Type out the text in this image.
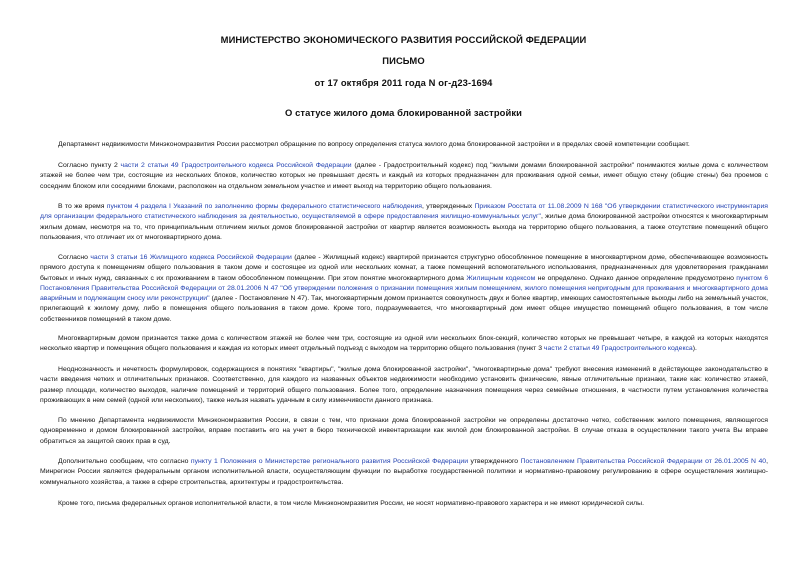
МИНИСТЕРСТВО ЭКОНОМИЧЕСКОГО РАЗВИТИЯ РОССИЙСКОЙ ФЕДЕРАЦИИ
ПИСЬМО
от 17 октября 2011 года N ог-д23-1694
О статусе жилого дома блокированной застройки

Департамент недвижимости Минэкономразвития России рассмотрел обращение по вопросу определения статуса жилого дома блокированной застройки и в пределах своей компетенции сообщает.

Согласно пункту 2 части 2 статьи 49 Градостроительного кодекса Российской Федерации (далее - Градостроительный кодекс) под "жилыми домами блокированной застройки" понимаются жилые дома с количеством этажей не более чем три, состоящие из нескольких блоков, количество которых не превышает десять и каждый из которых предназначен для проживания одной семьи, имеет общую стену (общие стены) без проемов с соседним блоком или соседними блоками, расположен на отдельном земельном участке и имеет выход на территорию общего пользования.

В то же время пунктом 4 раздела I Указаний по заполнению формы федерального статистического наблюдения, утвержденных Приказом Росстата от 11.08.2009 N 168 "Об утверждении статистического инструментария для организации федерального статистического наблюдения за деятельностью, осуществляемой в сфере предоставления жилищно-коммунальных услуг", жилые дома блокированной застройки относятся к многоквартирным жилым домам, несмотря на то, что принципиальным отличием жилых домов блокированной застройки от квартир является возможность выхода на территорию общего пользования, а также отсутствие помещений общего пользования, что отличает их от многоквартирного дома.

Согласно части 3 статьи 16 Жилищного кодекса Российской Федерации (далее - Жилищный кодекс) квартирой признается структурно обособленное помещение в многоквартирном доме, обеспечивающее возможность прямого доступа к помещениям общего пользования в таком доме и состоящее из одной или нескольких комнат, а также помещений вспомогательного использования, предназначенных для удовлетворения гражданами бытовых и иных нужд, связанных с их проживанием в таком обособленном помещении. При этом понятие многоквартирного дома Жилищным кодексом не определено. Однако данное определение предусмотрено пунктом 6 Постановления Правительства Российской Федерации от 28.01.2006 N 47 "Об утверждении положения о признании помещения жилым помещением, жилого помещения непригодным для проживания и многоквартирного дома аварийным и подлежащим сносу или реконструкции" (далее - Постановление N 47). Так, многоквартирным домом признается совокупность двух и более квартир, имеющих самостоятельные выходы либо на земельный участок, прилегающий к жилому дому, либо в помещения общего пользования в таком доме. Кроме того, подразумевается, что многоквартирный дом имеет общее имущество помещений общего пользования, в том числе собственников помещений в таком доме.

Многоквартирным домом признается также дома с количеством этажей не более чем три, состоящие из одной или нескольких блок-секций, количество которых не превышает четыре, в каждой из которых находятся несколько квартир и помещения общего пользования и каждая из которых имеет отдельный подъезд с выходом на территорию общего пользования (пункт 3 части 2 статьи 49 Градостроительного кодекса).

Неоднозначность и нечеткость формулировок, содержащихся в понятиях "квартиры", "жилые дома блокированной застройки", "многоквартирные дома" требуют внесения изменений в действующее законодательство в части введения четких и отличительных признаков. Соответственно, для каждого из названных объектов недвижимости необходимо установить физические, явные отличительные признаки, такие как: количество этажей, размер площади, количество выходов, наличие помещений и территорий общего пользования. Более того, определение назначения помещения через семейные отношения, в частности путем установления количества проживающих в нем семей (одной или нескольких), также нельзя назвать удачным в силу изменчивости данного признака.

По мнению Департамента недвижимости Минэкономразвития России, в связи с тем, что признаки дома блокированной застройки не определены достаточно четко, собственник жилого помещения, являющегося одновременно и домом блокированной застройки, вправе поставить его на учет в бюро технической инвентаризации как жилой дом блокированной застройки. В случае отказа в осуществлении такого учета Вы вправе обратиться за защитой своих прав в суд.

Дополнительно сообщаем, что согласно пункту 1 Положения о Министерстве регионального развития Российской Федерации утвержденного Постановлением Правительства Российской Федерации от 26.01.2005 N 40, Минрегион России является федеральным органом исполнительной власти, осуществляющим функции по выработке государственной политики и нормативно-правовому регулированию в сфере осуществления жилищно-коммунального хозяйства, а также в сфере строительства, архитектуры и градостроительства.

Кроме того, письма федеральных органов исполнительной власти, в том числе Минэкономразвития России, не носят нормативно-правового характера и не имеют юридической силы.
